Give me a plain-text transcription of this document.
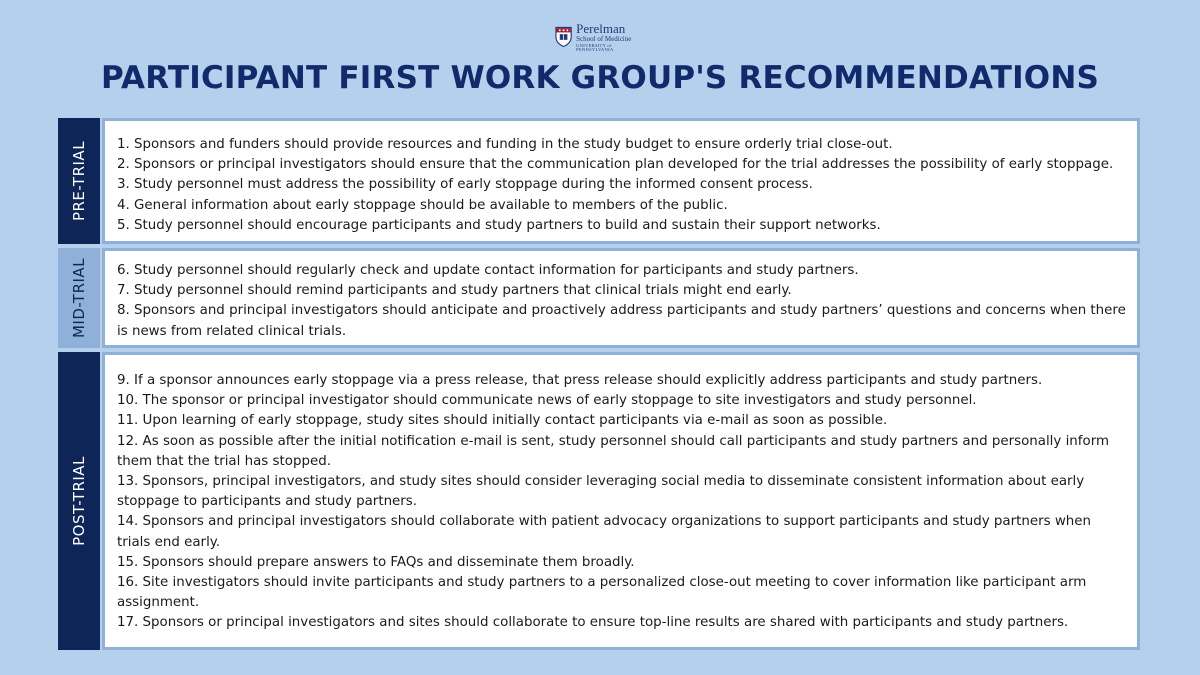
Perelman
School of Medicine
UNIVERSITY of PENNSYLVANIA
PARTICIPANT FIRST WORK GROUP'S RECOMMENDATIONS
PRE-TRIAL 1. Sponsors and funders should provide resources and funding in the study budget to ensure orderly trial close-out.

2. Sponsors or principal investigators should ensure that the communication plan developed for the trial addresses the possibility of early stoppage.

3. Study personnel must address the possibility of early stoppage during the informed consent process.

4. General information about early stoppage should be available to members of the public.

5. Study personnel should encourage participants and study partners to build and sustain their support networks.

MID-TRIAL 6. Study personnel should regularly check and update contact information for participants and study partners.

7. Study personnel should remind participants and study partners that clinical trials might end early.

8. Sponsors and principal investigators should anticipate and proactively address participants and study partners’ questions and concerns when there is news from related clinical trials.

POST-TRIAL

9. If a sponsor announces early stoppage via a press release, that press release should explicitly address participants and study partners.

10. The sponsor or principal investigator should communicate news of early stoppage to site investigators and study personnel.

11. Upon learning of early stoppage, study sites should initially contact participants via e-mail as soon as possible.

12. As soon as possible after the initial notification e-mail is sent, study personnel should call participants and study partners and personally inform them that the trial has stopped.

13. Sponsors, principal investigators, and study sites should consider leveraging social media to disseminate consistent information about early stoppage to participants and study partners.

14. Sponsors and principal investigators should collaborate with patient advocacy organizations to support participants and study partners when trials end early.

15. Sponsors should prepare answers to FAQs and disseminate them broadly.

16. Site investigators should invite participants and study partners to a personalized close-out meeting to cover information like participant arm assignment.

17. Sponsors or principal investigators and sites should collaborate to ensure top-line results are shared with participants and study partners.
